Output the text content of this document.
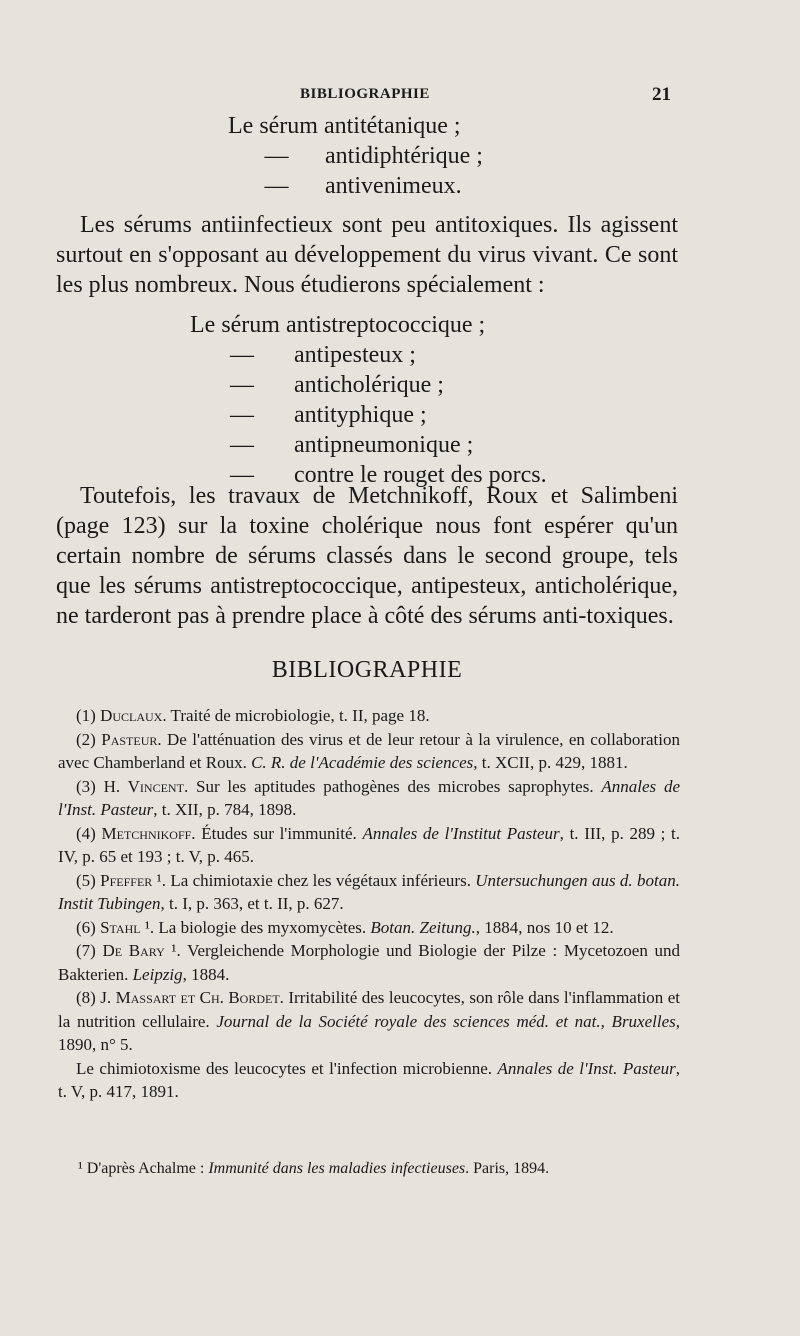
BIBLIOGRAPHIE	21
Le sérum antitétanique ;
— antidiphtérique ;
— antivenimeux.
Les sérums antiinfectieux sont peu antitoxiques. Ils agissent surtout en s'opposant au développement du virus vivant. Ce sont les plus nombreux. Nous étudierons spécialement :
Le sérum antistreptococcique ;
— antipesteux ;
— anticholérique ;
— antityphique ;
— antipneumonique ;
— contre le rouget des porcs.
Toutefois, les travaux de Metchnikoff, Roux et Salimbeni (page 123) sur la toxine cholérique nous font espérer qu'un certain nombre de sérums classés dans le second groupe, tels que les sérums antistreptococcique, antipesteux, anticholérique, ne tarderont pas à prendre place à côté des sérums anti-toxiques.
BIBLIOGRAPHIE
(1) Duclaux. Traité de microbiologie, t. II, page 18.
(2) Pasteur. De l'atténuation des virus et de leur retour à la virulence, en collaboration avec Chamberland et Roux. C. R. de l'Académie des sciences, t. XCII, p. 429, 1881.
(3) H. Vincent. Sur les aptitudes pathogènes des microbes saprophytes. Annales de l'Inst. Pasteur, t. XII, p. 784, 1898.
(4) Metchnikoff. Études sur l'immunité. Annales de l'Institut Pasteur, t. III, p. 289 ; t. IV, p. 65 et 193 ; t. V, p. 465.
(5) Pfeffer ¹. La chimiotaxie chez les végétaux inférieurs. Untersuchungen aus d. botan. Instit Tubingen, t. I, p. 363, et t. II, p. 627.
(6) Stahl ¹. La biologie des myxomycètes. Botan. Zeitung., 1884, nos 10 et 12.
(7) De Bary ¹. Vergleichende Morphologie und Biologie der Pilze : Mycetozoen und Bakterien. Leipzig, 1884.
(8) J. Massart et Ch. Bordet. Irritabilité des leucocytes, son rôle dans l'inflammation et la nutrition cellulaire. Journal de la Société royale des sciences méd. et nat., Bruxelles, 1890, n° 5.
Le chimiotoxisme des leucocytes et l'infection microbienne. Annales de l'Inst. Pasteur, t. V, p. 417, 1891.
¹ D'après Achalme : Immunité dans les maladies infectieuses. Paris, 1894.
